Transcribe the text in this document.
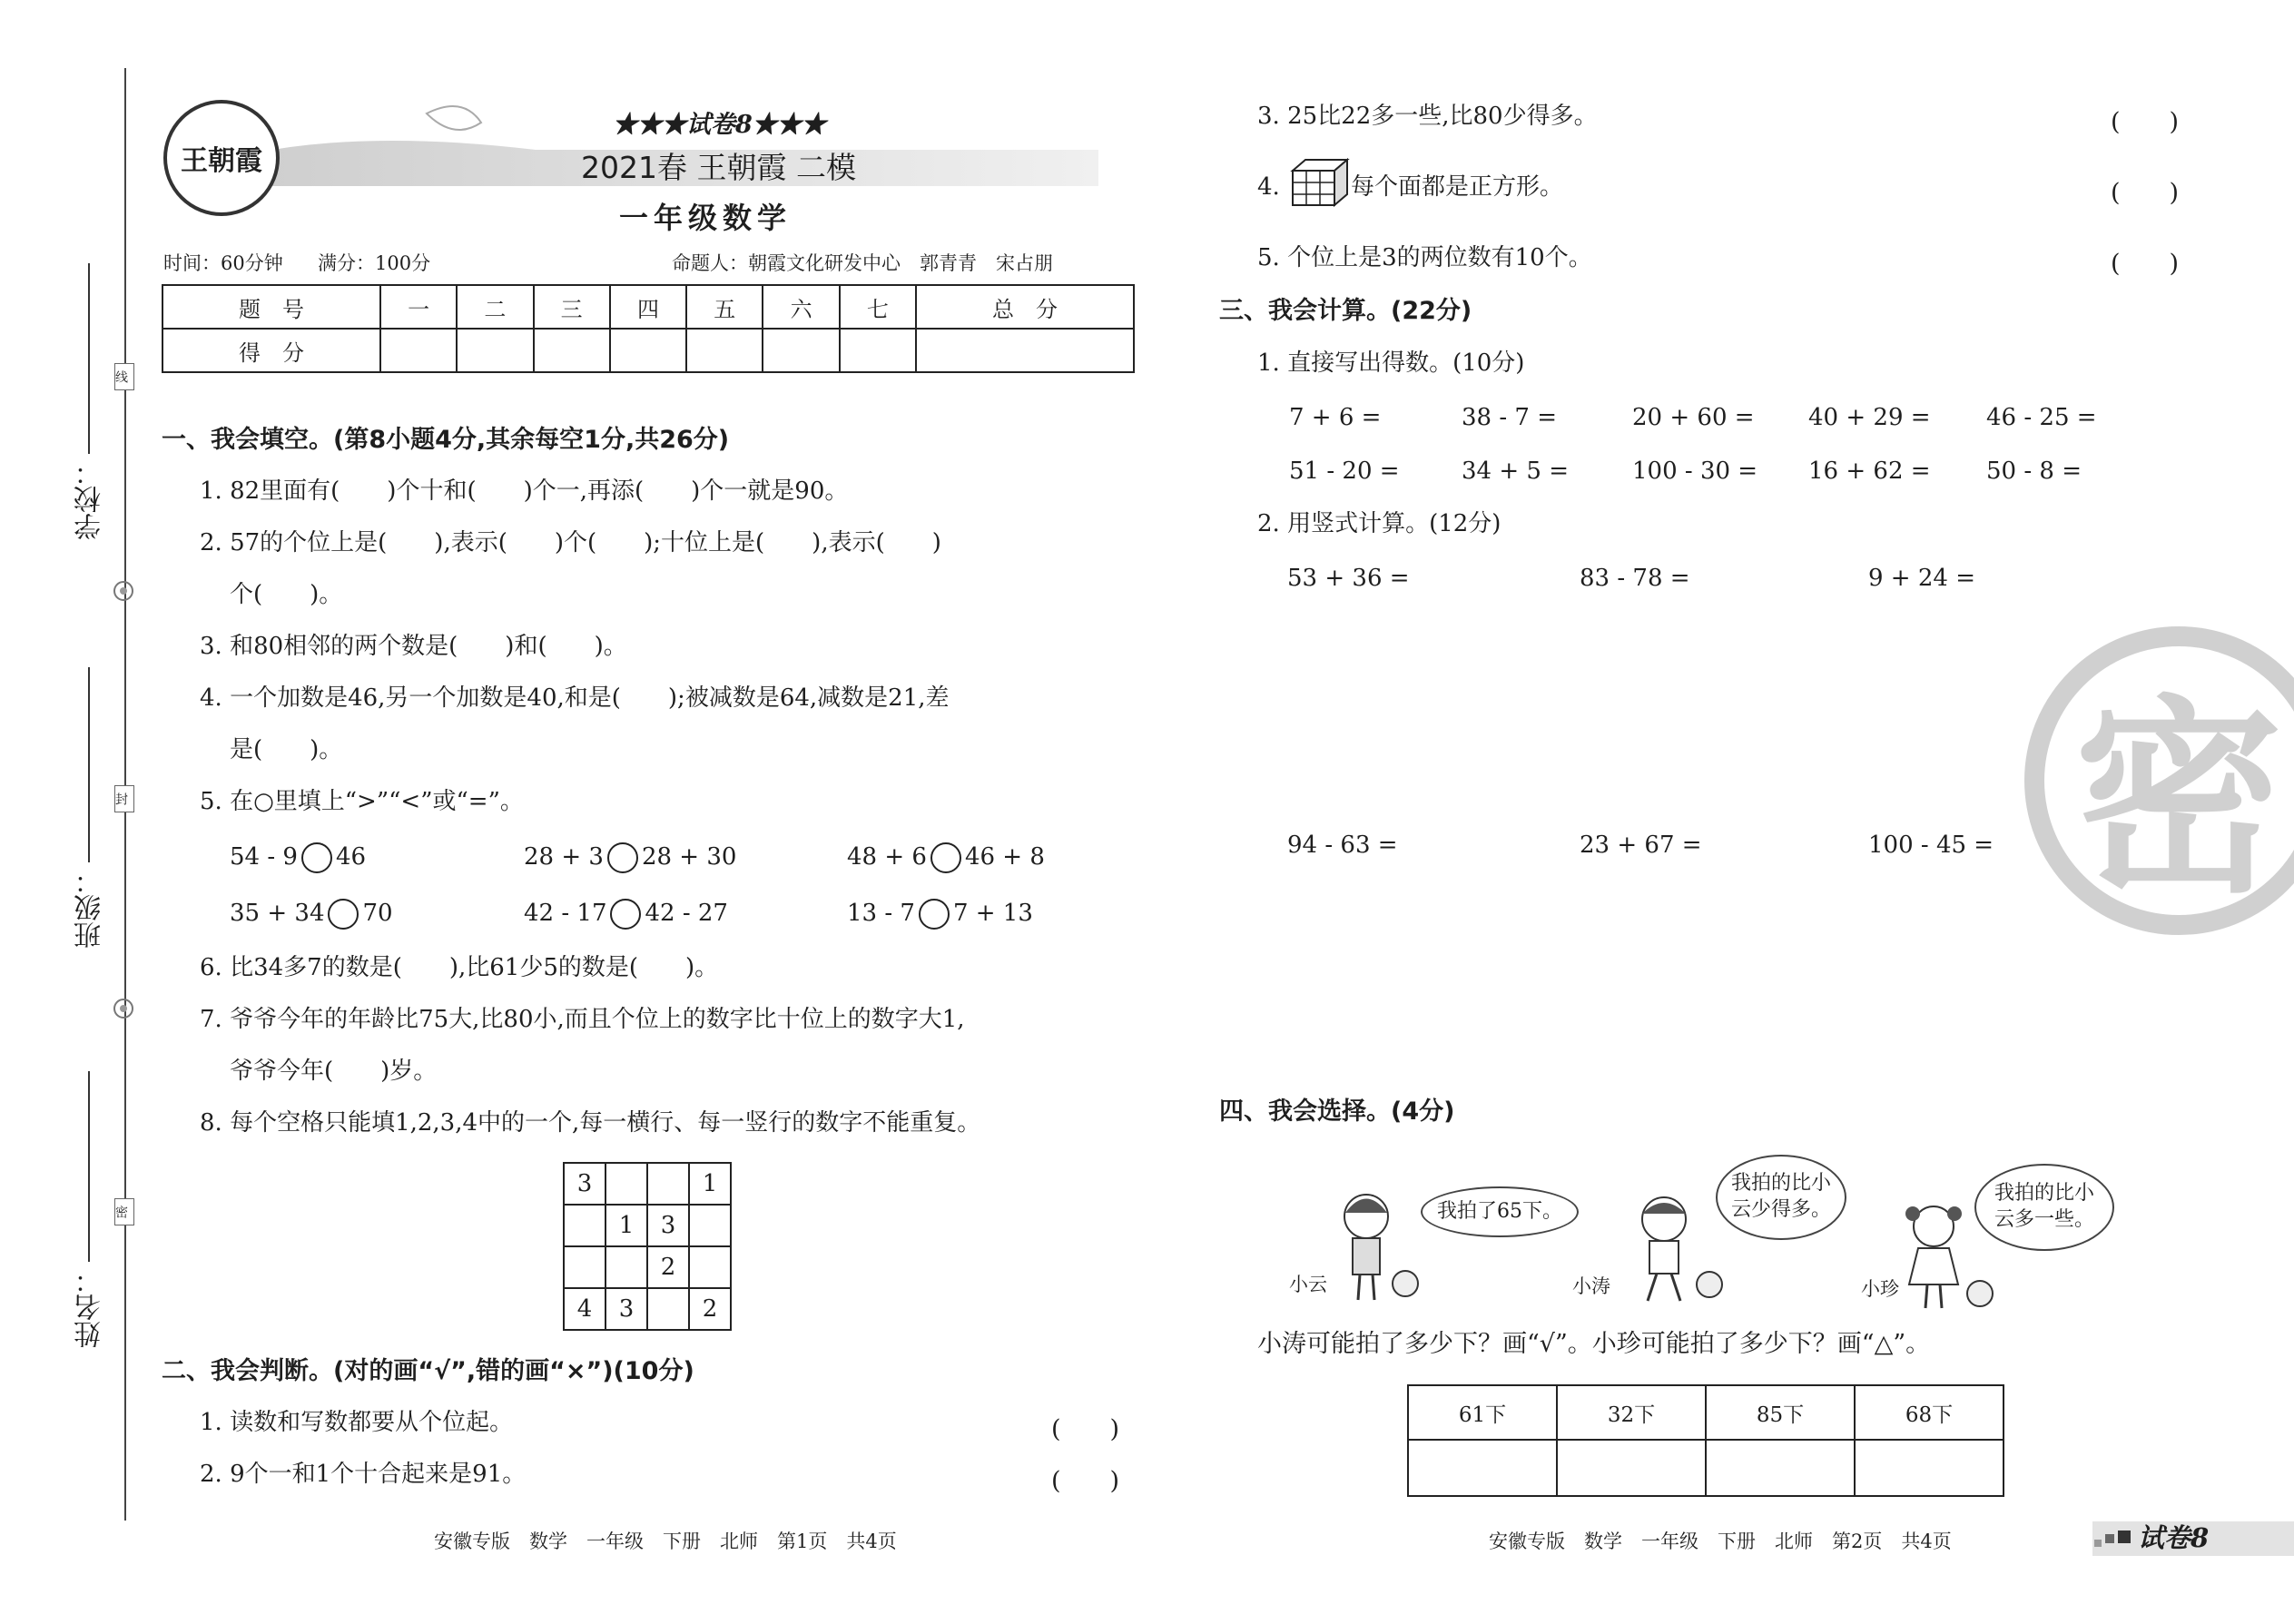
学校：
班级：
姓名：
线
封
密
王朝霞
★★★试卷8★★★
2021春 王朝霞 二模
一年级数学
时间：60分钟 满分：100分	命题人：朝霞文化研发中心　郭青青　宋占朋
题　号	一	二	三	四	五	六	七	总　分
得　分								
一、我会填空。(第8小题4分,其余每空1分,共26分)
1. 82里面有(　　)个十和(　　)个一,再添(　　)个一就是90。
2. 57的个位上是(　　),表示(　　)个(　　);十位上是(　　),表示(　　)
个(　　)。
3. 和80相邻的两个数是(　　)和(　　)。
4. 一个加数是46,另一个加数是40,和是(　　);被减数是64,减数是21,差
是(　　)。
5. 在○里填上“>”“<”或“=”。
54 - 9 46	28 + 3 28 + 30	48 + 6 46 + 8
35 + 34 70	42 - 17 42 - 27	13 - 7 7 + 13
6. 比34多7的数是(　　),比61少5的数是(　　)。
7. 爷爷今年的年龄比75大,比80小,而且个位上的数字比十位上的数字大1,
爷爷今年(　　)岁。
8. 每个空格只能填1,2,3,4中的一个,每一横行、每一竖行的数字不能重复。
3			1
	1	3	
		2	
4	3		2
二、我会判断。(对的画“√”,错的画“×”)(10分)
1. 读数和写数都要从个位起。	(　　)
2. 9个一和1个十合起来是91。	(　　)
安徽专版　数学　一年级　下册　北师　第1页　共4页
3. 25比22多一些,比80少得多。	(　　)
4.	每个面都是正方形。	(　　)
5. 个位上是3的两位数有10个。	(　　)
三、我会计算。(22分)
1. 直接写出得数。(10分)
7 + 6 =	38 - 7 =	20 + 60 = 40 + 29 = 46 - 25 =
51 - 20 =	34 + 5 =	100 - 30 = 16 + 62 = 50 - 8 =
2. 用竖式计算。(12分)
53 + 36 =	83 - 78 =	9 + 24 =
94 - 63 =	23 + 67 =	100 - 45 = 密
四、我会选择。(4分)
我拍了65下。
小云
我拍的比小云少得多。
小涛
我拍的比小云多一些。
小珍
小涛可能拍了多少下？画“√”。小珍可能拍了多少下？画“△”。
61下	32下	85下	68下

安徽专版　数学　一年级　下册　北师　第2页　共4页	试卷8
